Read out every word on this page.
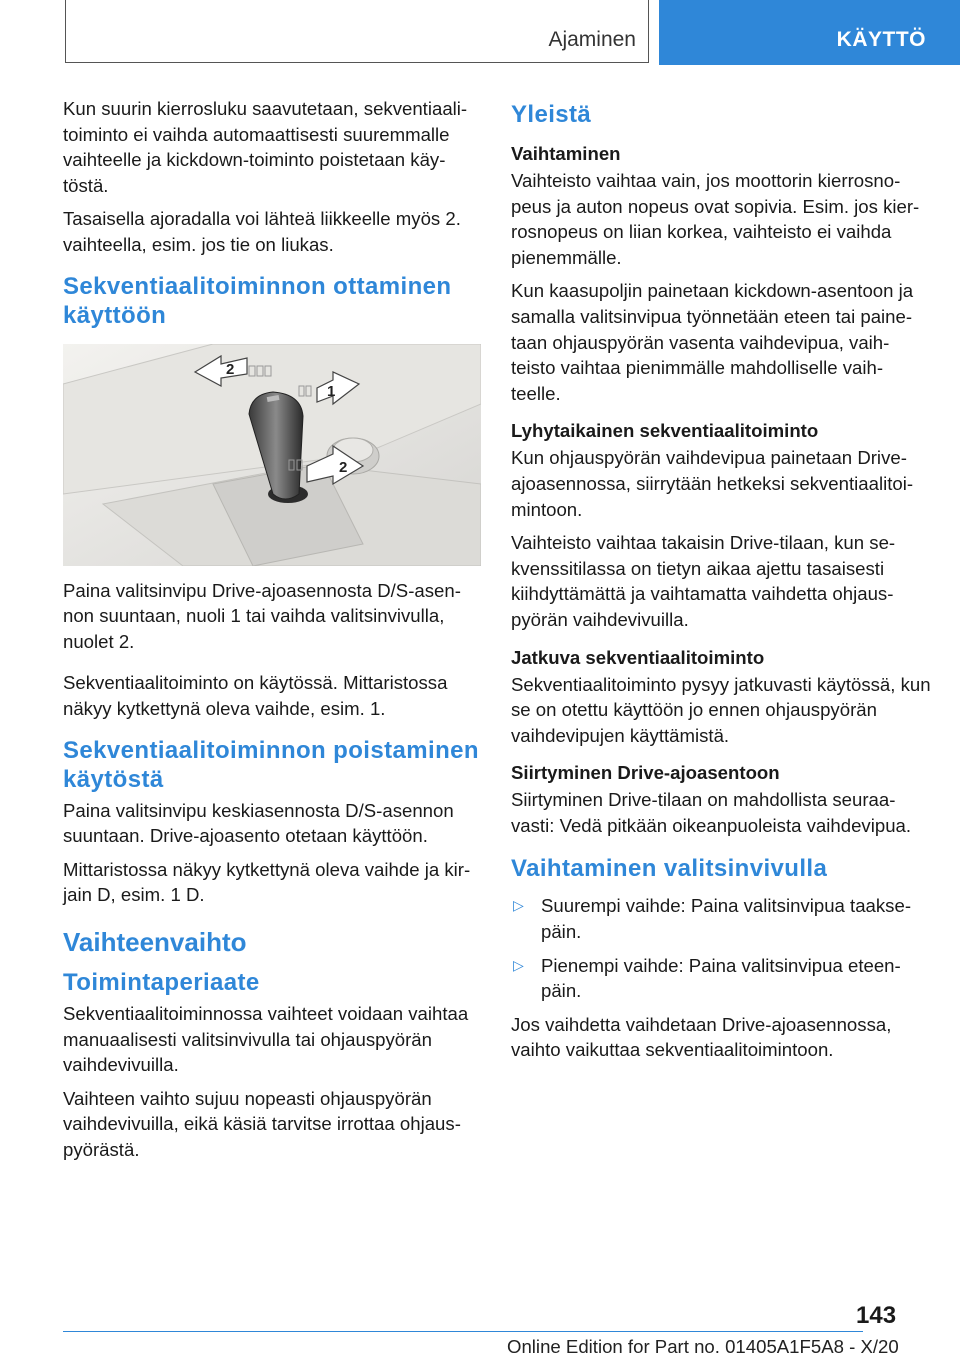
Ajaminen	KÄYTTÖ

Kun suurin kierrosluku saavutetaan, sekventiaali-toiminto ei vaihda automaattisesti suuremmalle vaihteelle ja kickdown-toiminto poistetaan käy-töstä.

Tasaisella ajoradalla voi lähteä liikkeelle myös 2. vaihteella, esim. jos tie on liukas.

Sekventiaalitoiminnon ottaminen käyttöön
2
1
2

Paina valitsinvipu Drive-ajoasennosta D/S-asen-non suuntaan, nuoli 1 tai vaihda valitsinvivulla, nuolet 2.

Sekventiaalitoiminto on käytössä. Mittaristossa näkyy kytkettynä oleva vaihde, esim. 1.

Sekventiaalitoiminnon poistaminen käytöstä

Paina valitsinvipu keskiasennosta D/S-asennon suuntaan. Drive-ajoasento otetaan käyttöön.

Mittaristossa näkyy kytkettynä oleva vaihde ja kir-jain D, esim. 1 D.

Vaihteenvaihto
Toimintaperiaate

Sekventiaalitoiminnossa vaihteet voidaan vaihtaa manuaalisesti valitsinvivulla tai ohjauspyörän vaihdevivuilla.

Vaihteen vaihto sujuu nopeasti ohjauspyörän vaihdevivuilla, eikä käsiä tarvitse irrottaa ohjaus-pyörästä.

Yleistä
Vaihtaminen

Vaihteisto vaihtaa vain, jos moottorin kierrosno-peus ja auton nopeus ovat sopivia. Esim. jos kier-rosnopeus on liian korkea, vaihteisto ei vaihda pienemmälle.

Kun kaasupoljin painetaan kickdown-asentoon ja samalla valitsinvipua työnnetään eteen tai paine-taan ohjauspyörän vasenta vaihdevipua, vaih-teisto vaihtaa pienimmälle mahdolliselle vaih-teelle.

Lyhytaikainen sekventiaalitoiminto

Kun ohjauspyörän vaihdevipua painetaan Drive-ajoasennossa, siirrytään hetkeksi sekventiaalitoi-mintoon.

Vaihteisto vaihtaa takaisin Drive-tilaan, kun se-kvenssitilassa on tietyn aikaa ajettu tasaisesti kiihdyttämättä ja vaihtamatta vaihdetta ohjaus-pyörän vaihdevivuilla.

Jatkuva sekventiaalitoiminto

Sekventiaalitoiminto pysyy jatkuvasti käytössä, kun se on otettu käyttöön jo ennen ohjauspyörän vaihdevipujen käyttämistä.

Siirtyminen Drive-ajoasentoon

Siirtyminen Drive-tilaan on mahdollista seuraa-vasti: Vedä pitkään oikeanpuoleista vaihdevipua.

Vaihtaminen valitsinvivulla
▷ Suurempi vaihde: Paina valitsinvipua taakse-päin.
▷ Pienempi vaihde: Paina valitsinvipua eteen-päin.

Jos vaihdetta vaihdetaan Drive-ajoasennossa, vaihto vaikuttaa sekventiaalitoimintoon.

143
Online Edition for Part no. 01405A1F5A8 - X/20
